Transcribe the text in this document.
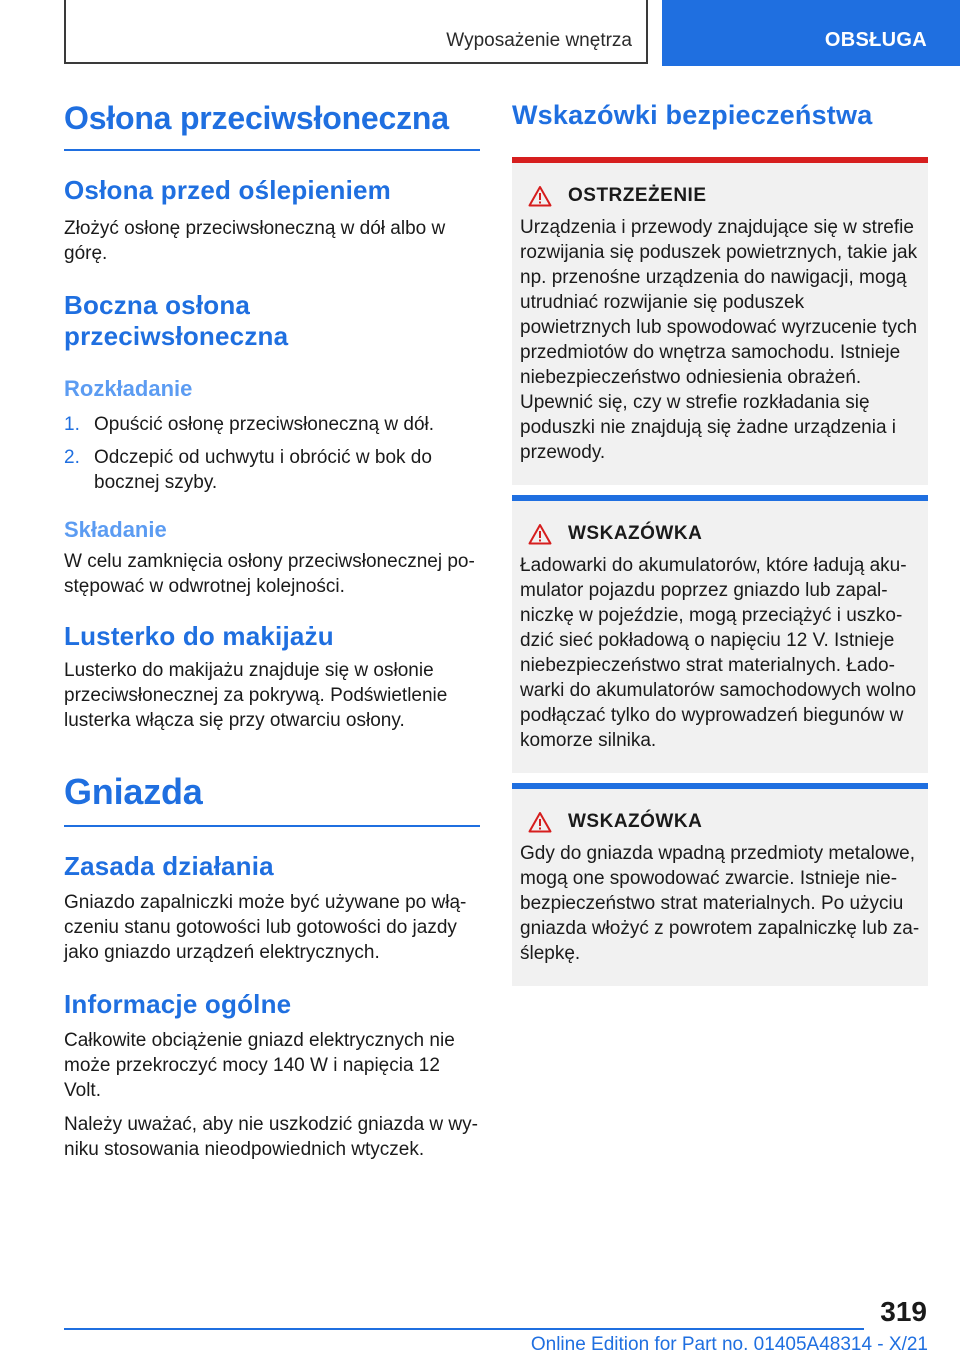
Wyposażenie wnętrza	OBSŁUGA
Osłona przeciwsłoneczna
Osłona przed oślepieniem

Złożyć osłonę przeciwsłoneczną w dół albo w górę.

Boczna osłona przeciwsłoneczna
Rozkładanie
1. Opuścić osłonę przeciwsłoneczną w dół.
2. Odczepić od uchwytu i obrócić w bok do bocznej szyby.
Składanie

W celu zamknięcia osłony przeciwsłonecznej postępować w odwrotnej kolejności.

Lusterko do makijażu

Lusterko do makijażu znajduje się w osłonie przeciwsłonecznej za pokrywą. Podświetlenie lusterka włącza się przy otwarciu osłony.

Gniazda
Zasada działania

Gniazdo zapalniczki może być używane po włączeniu stanu gotowości lub gotowości do jazdy jako gniazdo urządzeń elektrycznych.

Informacje ogólne

Całkowite obciążenie gniazd elektrycznych nie może przekroczyć mocy 140 W i napięcia 12 Volt.

Należy uważać, aby nie uszkodzić gniazda w wyniku stosowania nieodpowiednich wtyczek.

Wskazówki bezpieczeństwa
OSTRZEŻENIE

Urządzenia i przewody znajdujące się w strefie rozwijania się poduszek powietrznych, takie jak np. przenośne urządzenia do nawigacji, mogą utrudniać rozwijanie się poduszek powietrznych lub spowodować wyrzucenie tych przedmiotów do wnętrza samochodu. Istnieje niebezpieczeństwo odniesienia obrażeń. Upewnić się, czy w strefie rozkładania się poduszki nie znajdują się żadne urządzenia i przewody.

WSKAZÓWKA

Ładowarki do akumulatorów, które ładują akumulator pojazdu poprzez gniazdo lub zapalniczkę w pojeździe, mogą przeciążyć i uszkodzić sieć pokładową o napięciu 12 V. Istnieje niebezpieczeństwo strat materialnych. Ładowarki do akumulatorów samochodowych wolno podłączać tylko do wyprowadzeń biegunów w komorze silnika.

WSKAZÓWKA

Gdy do gniazda wpadną przedmioty metalowe, mogą one spowodować zwarcie. Istnieje niebezpieczeństwo strat materialnych. Po użyciu gniazda włożyć z powrotem zapalniczkę lub zaślepkę.

319
Online Edition for Part no. 01405A48314 - X/21
